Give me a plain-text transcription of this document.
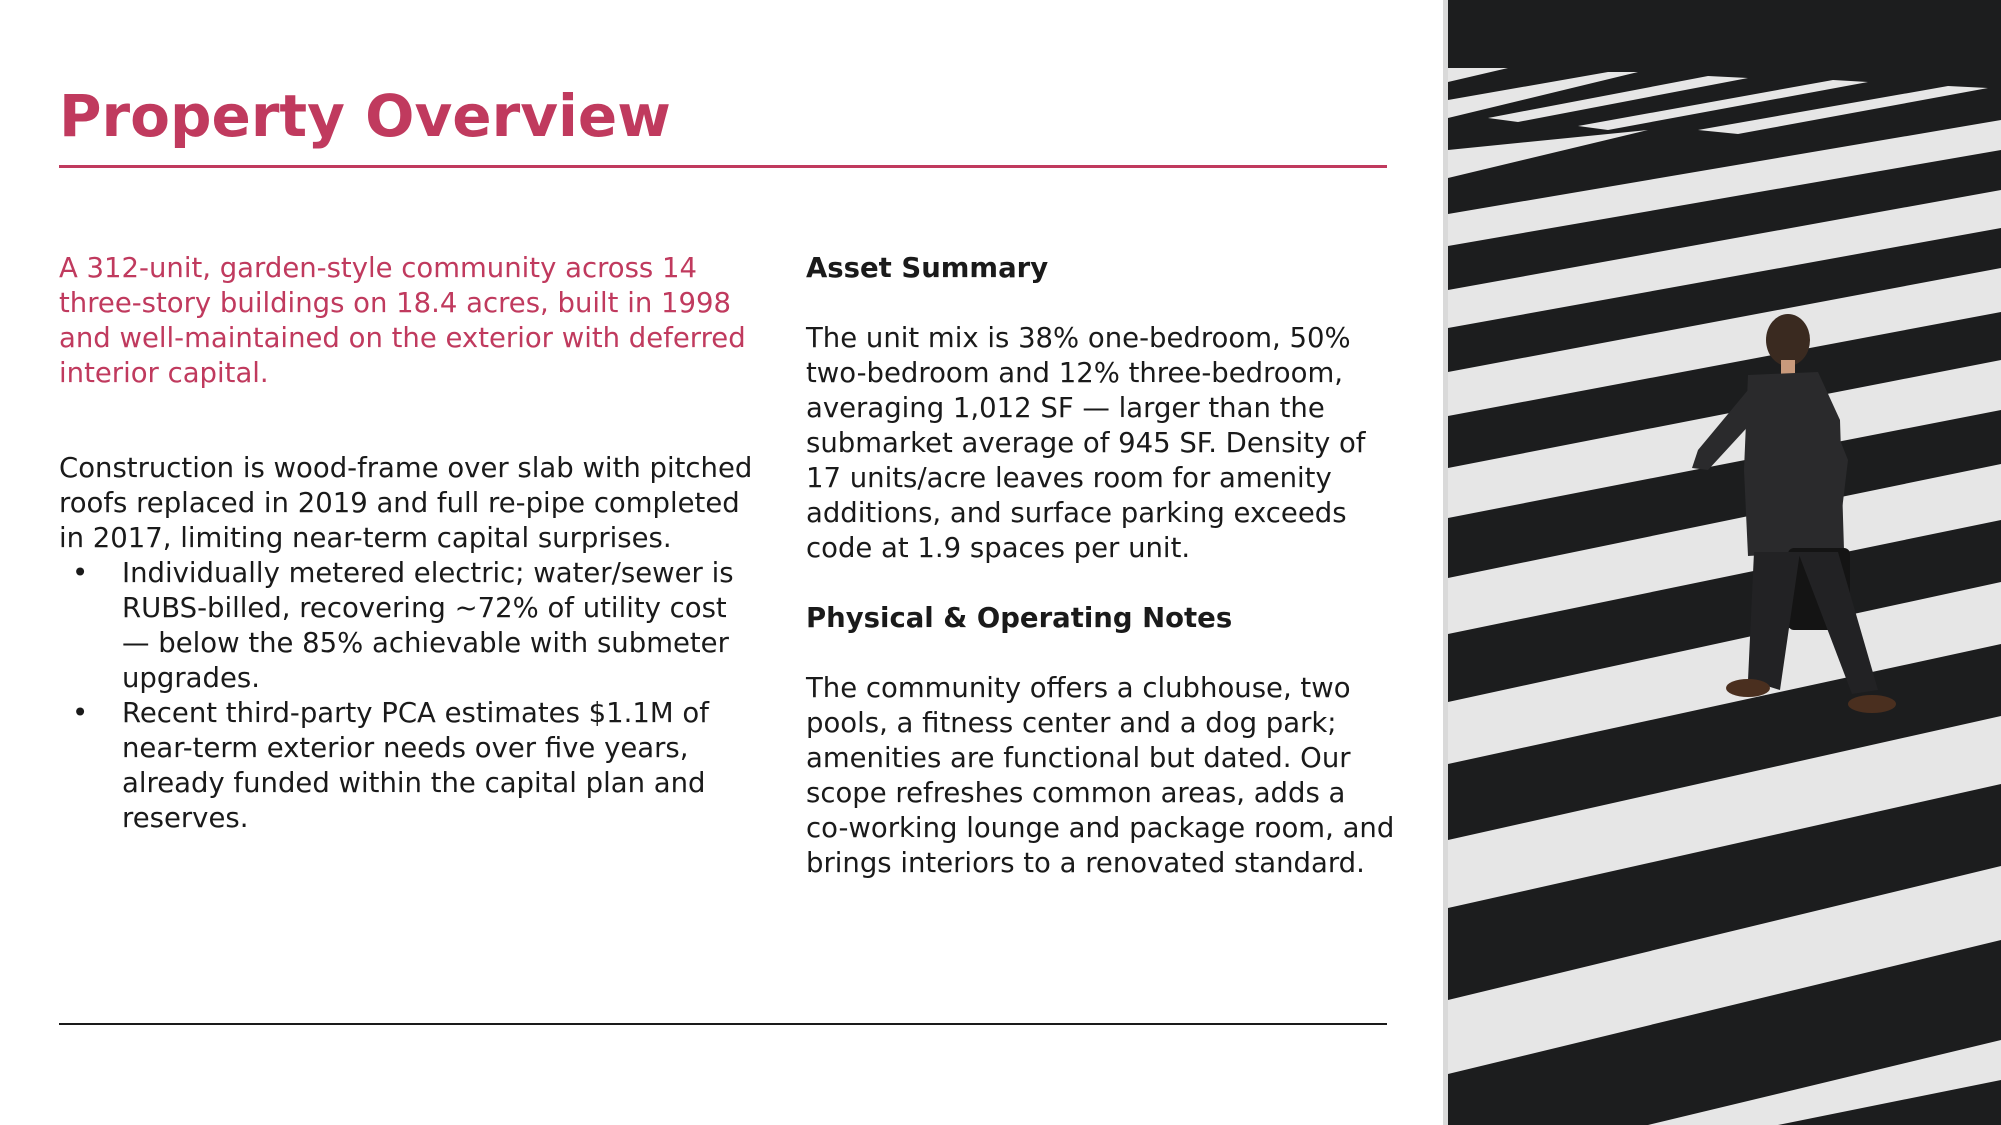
Property Overview

A 312-unit, garden-style community across 14 three-story buildings on 18.4 acres, built in 1998 and well-maintained on the exterior with deferred interior capital.

Construction is wood-frame over slab with pitched roofs replaced in 2019 and full re-pipe completed in 2017, limiting near-term capital surprises.

• Individually metered electric; water/sewer is RUBS-billed, recovering ~72% of utility cost — below the 85% achievable with submeter upgrades.
• Recent third-party PCA estimates $1.1M of near-term exterior needs over five years, already funded within the capital plan and reserves.
Asset Summary

The unit mix is 38% one-bedroom, 50% two-bedroom and 12% three-bedroom, averaging 1,012 SF — larger than the submarket average of 945 SF. Density of 17 units/acre leaves room for amenity additions, and surface parking exceeds code at 1.9 spaces per unit.

Physical & Operating Notes

The community offers a clubhouse, two pools, a fitness center and a dog park; amenities are functional but dated. Our scope refreshes common areas, adds a co-working lounge and package room, and brings interiors to a renovated standard.
